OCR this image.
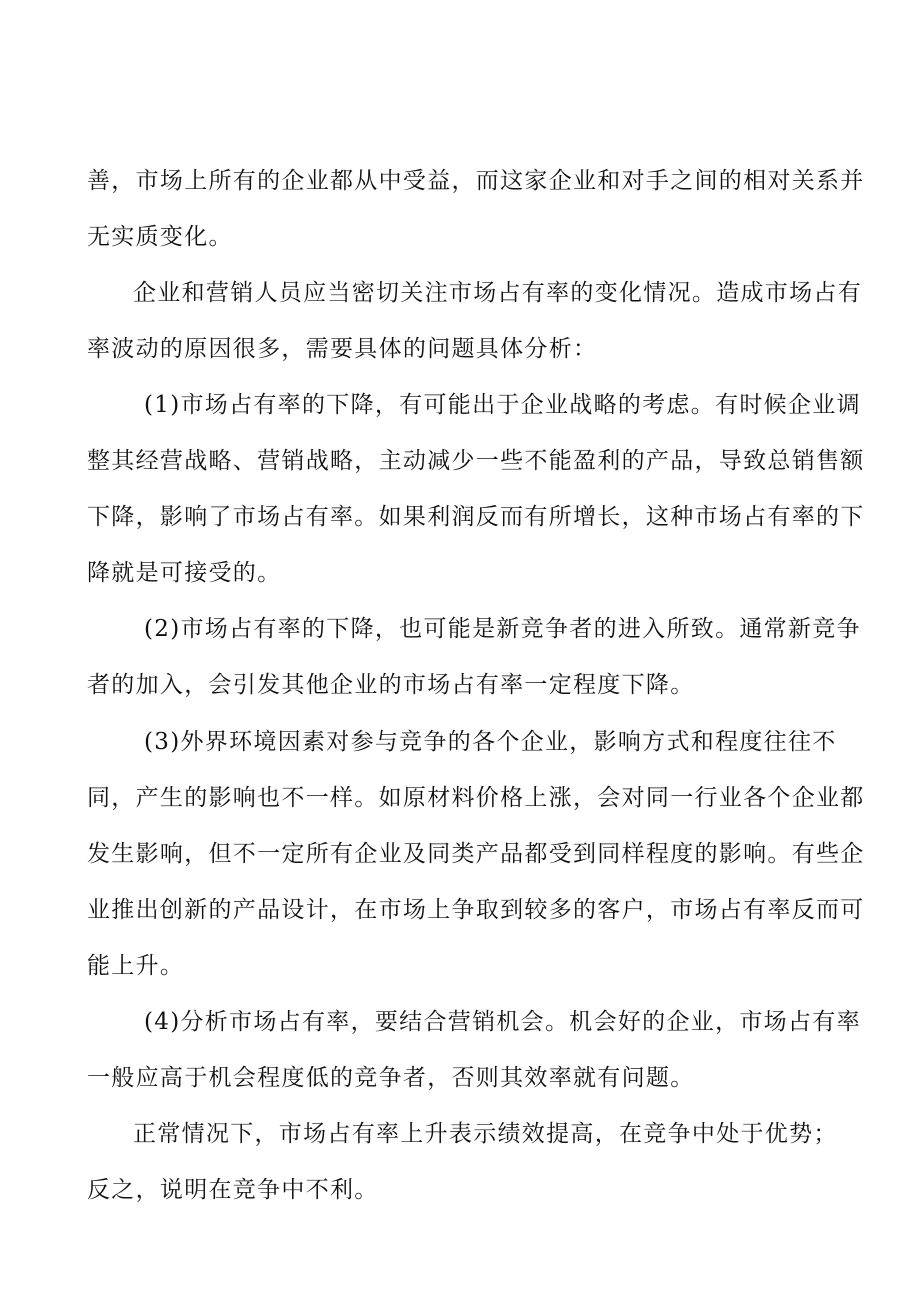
善，市场上所有的企业都从中受益，而这家企业和对手之间的相对关系并
无实质变化。
企业和营销人员应当密切关注市场占有率的变化情况。造成市场占有
率波动的原因很多，需要具体的问题具体分析：
(1)市场占有率的下降，有可能出于企业战略的考虑。有时候企业调
整其经营战略、营销战略，主动减少一些不能盈利的产品，导致总销售额
下降，影响了市场占有率。如果利润反而有所增长，这种市场占有率的下
降就是可接受的。
(2)市场占有率的下降，也可能是新竞争者的进入所致。通常新竞争
者的加入，会引发其他企业的市场占有率一定程度下降。
(3)外界环境因素对参与竞争的各个企业，影响方式和程度往往不
同，产生的影响也不一样。如原材料价格上涨，会对同一行业各个企业都
发生影响，但不一定所有企业及同类产品都受到同样程度的影响。有些企
业推出创新的产品设计，在市场上争取到较多的客户，市场占有率反而可
能上升。
(4)分析市场占有率，要结合营销机会。机会好的企业，市场占有率
一般应高于机会程度低的竞争者，否则其效率就有问题。
正常情况下，市场占有率上升表示绩效提高，在竞争中处于优势；
反之，说明在竞争中不利。
